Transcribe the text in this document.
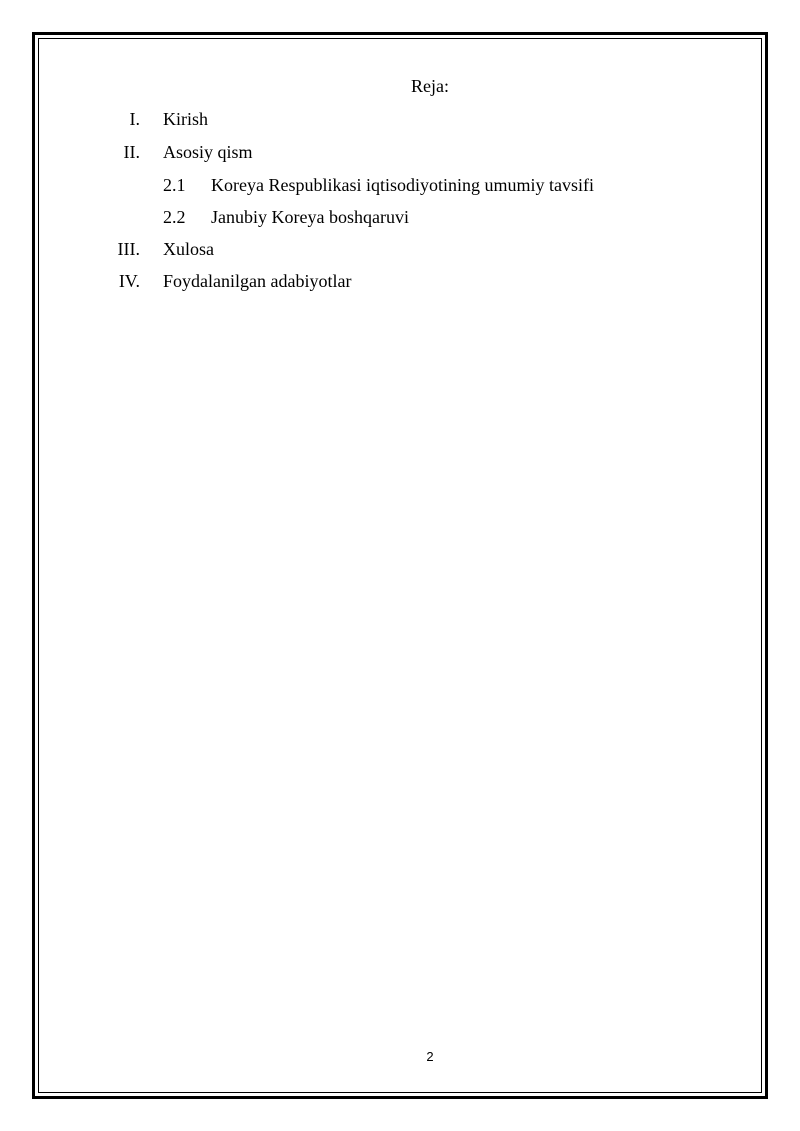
Reja:
I. Kirish
II. Asosiy qism
2.1 Koreya Respublikasi iqtisodiyotining umumiy tavsifi
2.2 Janubiy Koreya boshqaruvi
III. Xulosa
IV. Foydalanilgan adabiyotlar
2
